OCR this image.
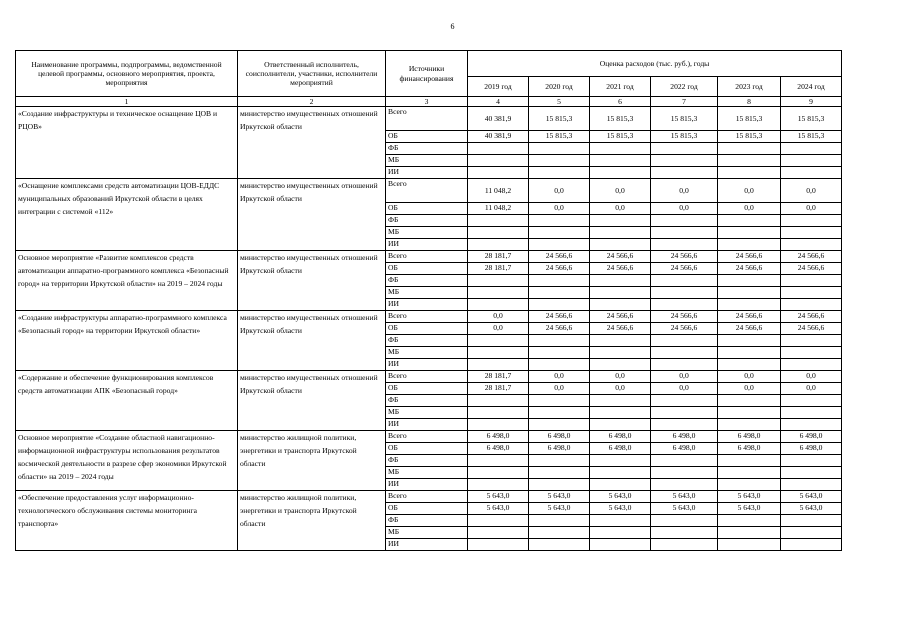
6
Наименование программы, подпрограммы, ведомственной целевой программы, основного мероприятия, проекта, мероприятия	Ответственный исполнитель, соисполнители, участники, исполнители мероприятий	Источники финансирования	Оценка расходов (тыс. руб.), годы					
			2019 год	2020 год	2021 год	2022 год	2023 год	2024 год
1	2	3	4	5	6	7	8	9
«Создание инфраструктуры и техническое оснащение ЦОВ и РЦОВ»	министерство имущественных отношений Иркутской области	Всего	40 381,9	15 815,3	15 815,3	15 815,3	15 815,3	15 815,3
		ОБ	40 381,9	15 815,3	15 815,3	15 815,3	15 815,3	15 815,3
		ФБ						
		МБ						
		ИИ						
«Оснащение комплексами средств автоматизации ЦОВ-ЕДДС муниципальных образований Иркутской области в целях интеграции с системой «112»	министерство имущественных отношений Иркутской области	Всего	11 048,2	0,0	0,0	0,0	0,0	0,0
		ОБ	11 048,2	0,0	0,0	0,0	0,0	0,0
		ФБ						
		МБ						
		ИИ						
Основное мероприятие «Развитие комплексов средств автоматизации аппаратно-программного комплекса «Безопасный город» на территории Иркутской области» на 2019 – 2024 годы	министерство имущественных отношений Иркутской области	Всего	28 181,7	24 566,6	24 566,6	24 566,6	24 566,6	24 566,6
		ОБ	28 181,7	24 566,6	24 566,6	24 566,6	24 566,6	24 566,6
		ФБ						
		МБ						
		ИИ						
«Создание инфраструктуры аппаратно-программного комплекса «Безопасный город» на территории Иркутской области»	министерство имущественных отношений Иркутской области	Всего	0,0	24 566,6	24 566,6	24 566,6	24 566,6	24 566,6
		ОБ	0,0	24 566,6	24 566,6	24 566,6	24 566,6	24 566,6
		ФБ						
		МБ						
		ИИ						
«Содержание и обеспечение функционирования комплексов средств автоматизации АПК «Безопасный город»	министерство имущественных отношений Иркутской области	Всего	28 181,7	0,0	0,0	0,0	0,0	0,0
		ОБ	28 181,7	0,0	0,0	0,0	0,0	0,0
		ФБ						
		МБ						
		ИИ						
Основное мероприятие «Создание областной навигационно-информационной инфраструктуры использования результатов космической деятельности в разрезе сфер экономики Иркутской области» на 2019 – 2024 годы	министерство жилищной политики, энергетики и транспорта Иркутской области	Всего	6 498,0	6 498,0	6 498,0	6 498,0	6 498,0	6 498,0
		ОБ	6 498,0	6 498,0	6 498,0	6 498,0	6 498,0	6 498,0
		ФБ						
		МБ						
		ИИ						
«Обеспечение предоставления услуг информационно-технологического обслуживания системы мониторинга транспорта»	министерство жилищной политики, энергетики и транспорта Иркутской области	Всего	5 643,0	5 643,0	5 643,0	5 643,0	5 643,0	5 643,0
		ОБ	5 643,0	5 643,0	5 643,0	5 643,0	5 643,0	5 643,0
		ФБ						
		МБ						
		ИИ						
